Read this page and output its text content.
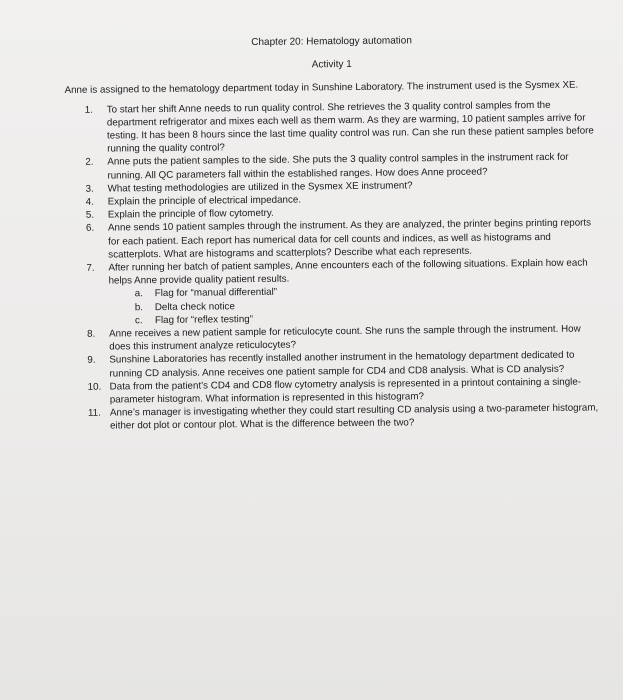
Chapter 20: Hematology automation
Activity 1
Anne is assigned to the hematology department today in Sunshine Laboratory. The instrument used is the Sysmex XE.
1.	To start her shift Anne needs to run quality control. She retrieves the 3 quality control samples from the department refrigerator and mixes each well as them warm. As they are warming, 10 patient samples arrive for testing. It has been 8 hours since the last time quality control was run. Can she run these patient samples before running the quality control?
2.	Anne puts the patient samples to the side. She puts the 3 quality control samples in the instrument rack for running. All QC parameters fall within the established ranges. How does Anne proceed?
3.	What testing methodologies are utilized in the Sysmex XE instrument?
4.	Explain the principle of electrical impedance.
5.	Explain the principle of flow cytometry.
6.	Anne sends 10 patient samples through the instrument. As they are analyzed, the printer begins printing reports for each patient. Each report has numerical data for cell counts and indices, as well as histograms and scatterplots. What are histograms and scatterplots? Describe what each represents.
7.	After running her batch of patient samples, Anne encounters each of the following situations. Explain how each helps Anne provide quality patient results.
a. Flag for “manual differential”
b. Delta check notice
c. Flag for “reflex testing”
8.	Anne receives a new patient sample for reticulocyte count. She runs the sample through the instrument. How does this instrument analyze reticulocytes?
9.	Sunshine Laboratories has recently installed another instrument in the hematology department dedicated to running CD analysis. Anne receives one patient sample for CD4 and CD8 analysis. What is CD analysis?
10. Data from the patient’s CD4 and CD8 flow cytometry analysis is represented in a printout containing a single-parameter histogram. What information is represented in this histogram?
11. Anne’s manager is investigating whether they could start resulting CD analysis using a two-parameter histogram, either dot plot or contour plot. What is the difference between the two?
